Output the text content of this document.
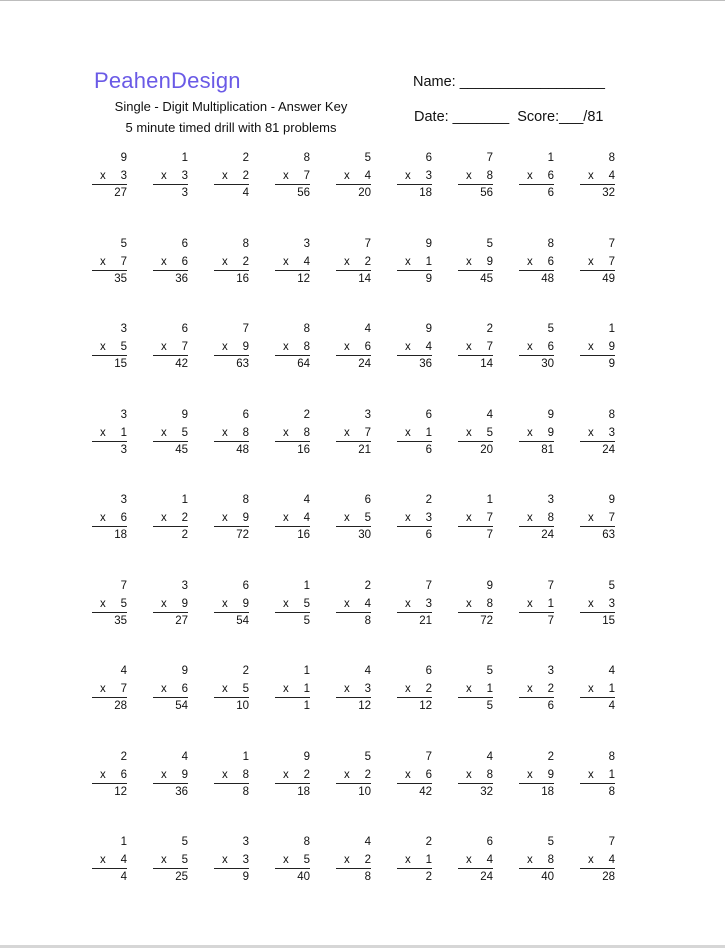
PeahenDesign
Single - Digit Multiplication - Answer Key
5 minute timed drill with 81 problems
Name: __________________
Date: _______  Score:___/81
9
x 3
27
1
x 3
3
2
x 2
4
8
x 7
56
5
x 4
20
6
x 3
18
7
x 8
56
1
x 6
6
8
x 4
32
5
x 7
35
6
x 6
36
8
x 2
16
3
x 4
12
7
x 2
14
9
x 1
9
5
x 9
45
8
x 6
48
7
x 7
49
3
x 5
15
6
x 7
42
7
x 9
63
8
x 8
64
4
x 6
24
9
x 4
36
2
x 7
14
5
x 6
30
1
x 9
9
3
x 1
3
9
x 5
45
6
x 8
48
2
x 8
16
3
x 7
21
6
x 1
6
4
x 5
20
9
x 9
81
8
x 3
24
3
x 6
18
1
x 2
2
8
x 9
72
4
x 4
16
6
x 5
30
2
x 3
6
1
x 7
7
3
x 8
24
9
x 7
63
7
x 5
35
3
x 9
27
6
x 9
54
1
x 5
5
2
x 4
8
7
x 3
21
9
x 8
72
7
x 1
7
5
x 3
15
4
x 7
28
9
x 6
54
2
x 5
10
1
x 1
1
4
x 3
12
6
x 2
12
5
x 1
5
3
x 2
6
4
x 1
4
2
x 6
12
4
x 9
36
1
x 8
8
9
x 2
18
5
x 2
10
7
x 6
42
4
x 8
32
2
x 9
18
8
x 1
8
1
x 4
4
5
x 5
25
3
x 3
9
8
x 5
40
4
x 2
8
2
x 1
2
6
x 4
24
5
x 8
40
7
x 4
28
